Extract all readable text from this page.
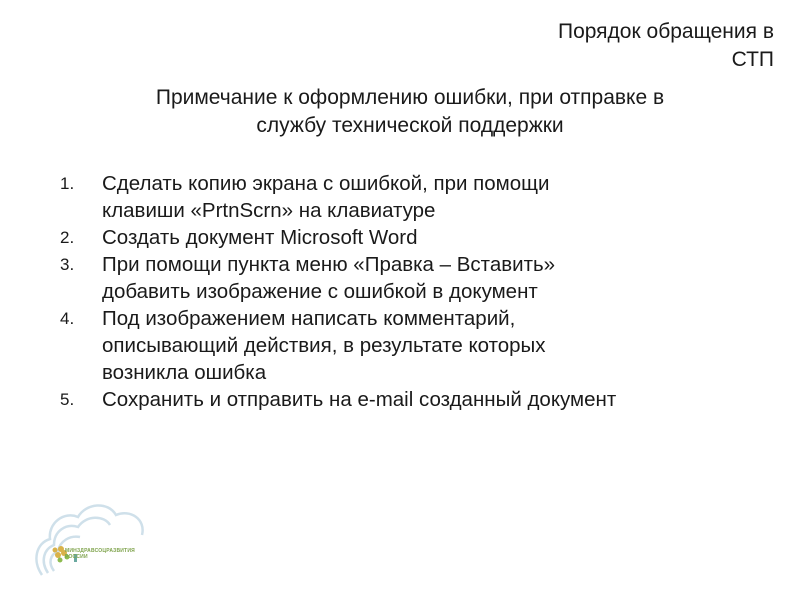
Порядок обращения в
СТП
Примечание к оформлению ошибки, при отправке в
службу технической поддержки
1. Сделать копию экрана с ошибкой, при помощи
клавиши «PrtnScrn» на клавиатуре
2. Создать документ Microsoft Word
3. При помощи пункта меню «Правка – Вставить»
добавить изображение с ошибкой в документ
4. Под изображением написать комментарий,
описывающий действия, в результате которых
возникла ошибка
5. Сохранить и отправить на e-mail созданный документ
МИНЗДРАВСОЦРАЗВИТИЯ
РОССИИ
